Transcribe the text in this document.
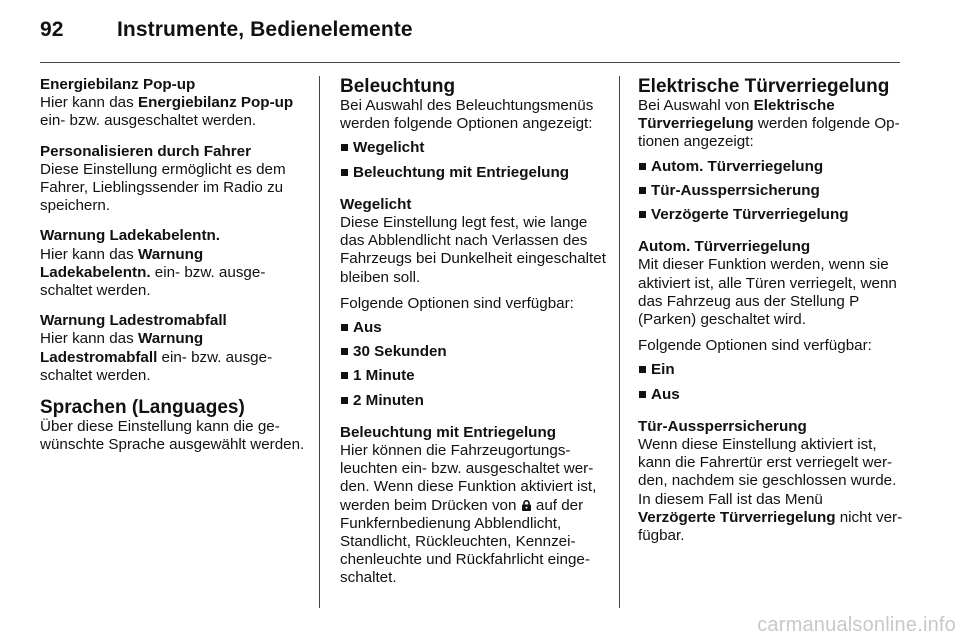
92	Instrumente, Bedienelemente

Energiebilanz Pop-up

Hier kann das Energiebilanz Pop-up ein- bzw. ausgeschaltet werden.

Personalisieren durch Fahrer

Diese Einstellung ermöglicht es dem Fahrer, Lieblingssender im Radio zu speichern.

Warnung Ladekabelentn.

Hier kann das Warnung Ladekabelentn. ein- bzw. ausgeschaltet werden.

Warnung Ladestromabfall

Hier kann das Warnung Ladestromabfall ein- bzw. ausgeschaltet werden.

Sprachen (Languages)

Über diese Einstellung kann die gewünschte Sprache ausgewählt werden.

Beleuchtung

Bei Auswahl des Beleuchtungsmenüs werden folgende Optionen angezeigt:

Wegelicht
Beleuchtung mit Entriegelung

Wegelicht

Diese Einstellung legt fest, wie lange das Abblendlicht nach Verlassen des Fahrzeugs bei Dunkelheit eingeschaltet bleiben soll.

Folgende Optionen sind verfügbar:

Aus
30 Sekunden
1 Minute
2 Minuten

Beleuchtung mit Entriegelung

Hier können die Fahrzeugortungsleuchten ein- bzw. ausgeschaltet werden. Wenn diese Funktion aktiviert ist, werden beim Drücken von  auf der Funkfernbedienung Abblendlicht, Standlicht, Rückleuchten, Kennzeichenleuchte und Rückfahrlicht eingeschaltet.

Elektrische Türverriegelung

Bei Auswahl von Elektrische Türverriegelung werden folgende Optionen angezeigt:

Autom. Türverriegelung
Tür-Aussperrsicherung
Verzögerte Türverriegelung

Autom. Türverriegelung

Mit dieser Funktion werden, wenn sie aktiviert ist, alle Türen verriegelt, wenn das Fahrzeug aus der Stellung P (Parken) geschaltet wird.

Folgende Optionen sind verfügbar:

Ein
Aus

Tür-Aussperrsicherung

Wenn diese Einstellung aktiviert ist, kann die Fahrertür erst verriegelt werden, nachdem sie geschlossen wurde. In diesem Fall ist das Menü Verzögerte Türverriegelung nicht verfügbar.

carmanualsonline.info
